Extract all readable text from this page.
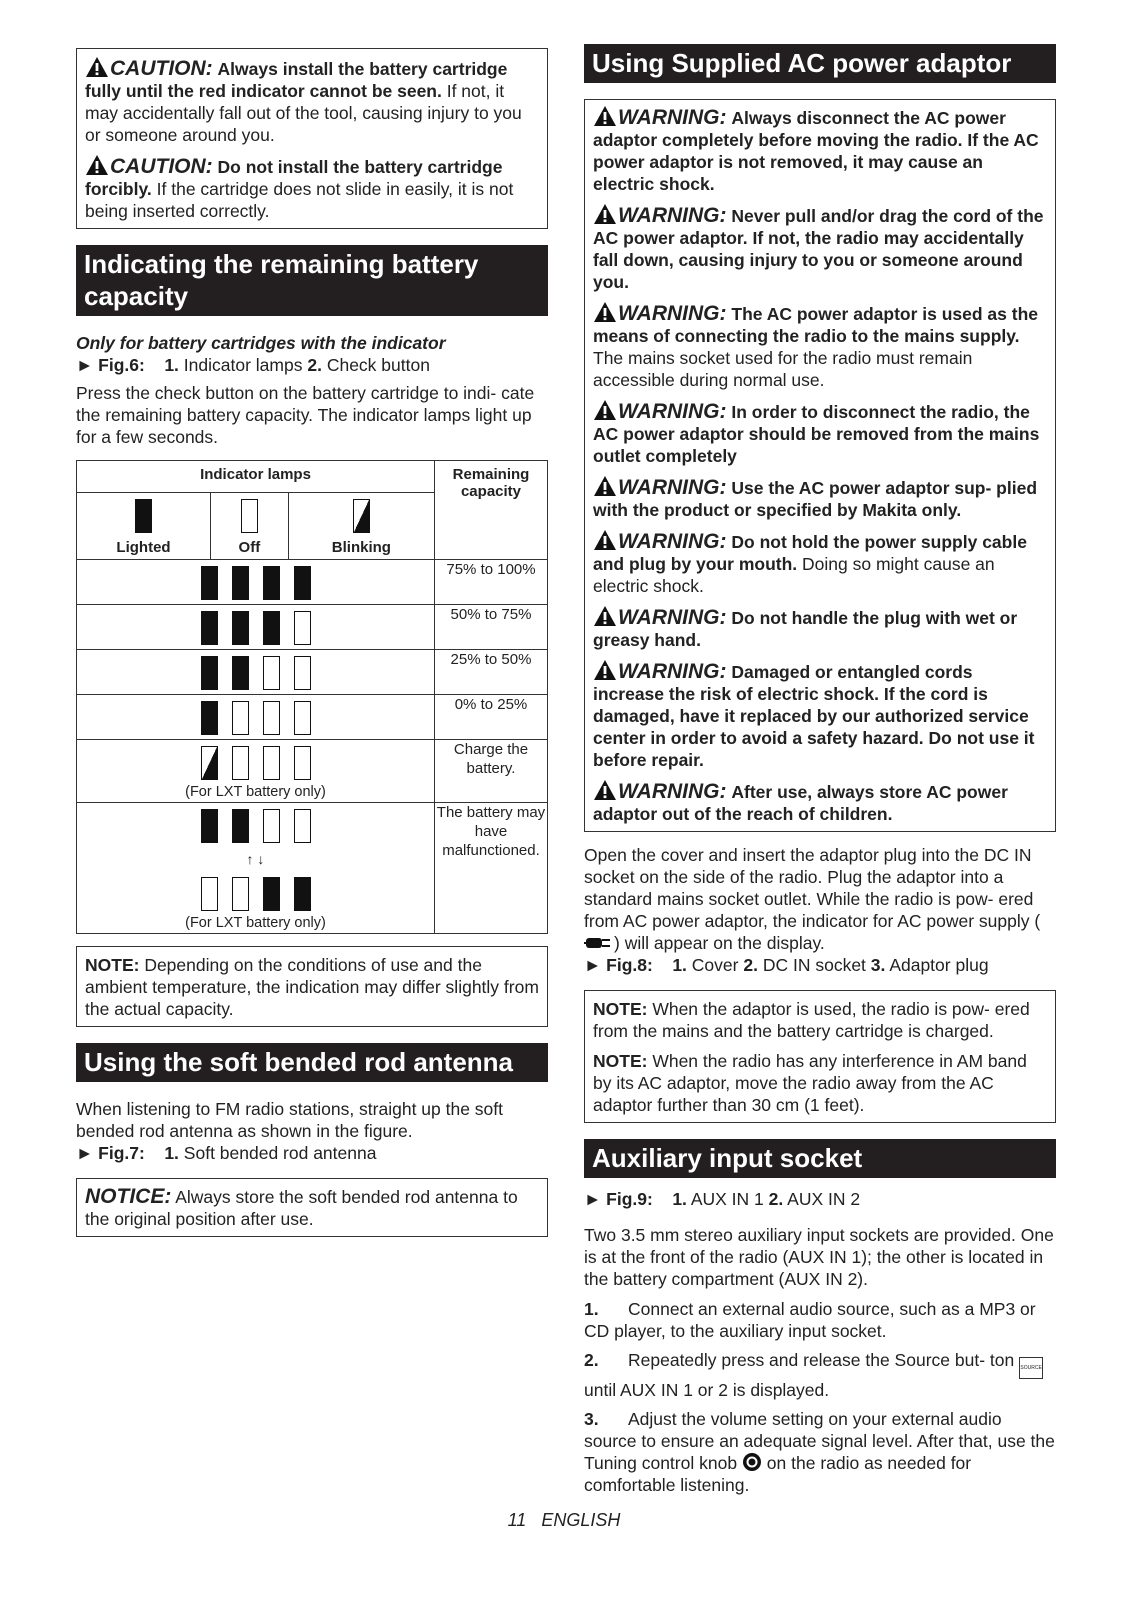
CAUTION: Always install the battery cartridge fully until the red indicator cannot be seen. If not, it may accidentally fall out of the tool, causing injury to you or someone around you.

CAUTION: Do not install the battery cartridge forcibly. If the cartridge does not slide in easily, it is not being inserted correctly.

Indicating the remaining battery capacity

Only for battery cartridges with the indicator

► Fig.6: 1. Indicator lamps 2. Check button

Press the check button on the battery cartridge to indi- cate the remaining battery capacity. The indicator lamps light up for a few seconds.

Indicator lamps			Remaining capacity

Lighted	Off	Blinking	

			75% to 100%

			50% to 75%

			25% to 50%

			0% to 25%

(For LXT battery only)			Charge the battery.

↑ ↓
(For LXT battery only)			The battery may have malfunctioned.

NOTE: Depending on the conditions of use and the ambient temperature, the indication may differ slightly from the actual capacity.

Using the soft bended rod antenna

When listening to FM radio stations, straight up the soft bended rod antenna as shown in the figure.

► Fig.7: 1. Soft bended rod antenna

NOTICE: Always store the soft bended rod antenna to the original position after use.

Using Supplied AC power adaptor

WARNING: Always disconnect the AC power adaptor completely before moving the radio. If the AC power adaptor is not removed, it may cause an electric shock.

WARNING: Never pull and/or drag the cord of the AC power adaptor. If not, the radio may accidentally fall down, causing injury to you or someone around you.

WARNING: The AC power adaptor is used as the means of connecting the radio to the mains supply. The mains socket used for the radio must remain accessible during normal use.

WARNING: In order to disconnect the radio, the AC power adaptor should be removed from the mains outlet completely

WARNING: Use the AC power adaptor sup- plied with the product or specified by Makita only.

WARNING: Do not hold the power supply cable and plug by your mouth. Doing so might cause an electric shock.

WARNING: Do not handle the plug with wet or greasy hand.

WARNING: Damaged or entangled cords increase the risk of electric shock. If the cord is damaged, have it replaced by our authorized service center in order to avoid a safety hazard. Do not use it before repair.

WARNING: After use, always store AC power adaptor out of the reach of children.

Open the cover and insert the adaptor plug into the DC IN socket on the side of the radio. Plug the adaptor into a standard mains socket outlet. While the radio is pow- ered from AC power adaptor, the indicator for AC power supply () will appear on the display.

► Fig.8: 1. Cover 2. DC IN socket 3. Adaptor plug

NOTE: When the adaptor is used, the radio is pow- ered from the mains and the battery cartridge is charged.

NOTE: When the radio has any interference in AM band by its AC adaptor, move the radio away from the AC adaptor further than 30 cm (1 feet).

Auxiliary input socket

► Fig.9: 1. AUX IN 1 2. AUX IN 2

Two 3.5 mm stereo auxiliary input sockets are provided. One is at the front of the radio (AUX IN 1); the other is located in the battery compartment (AUX IN 2).

1. Connect an external audio source, such as a MP3 or CD player, to the auxiliary input socket.
2. Repeatedly press and release the Source but- ton SOURCE until AUX IN 1 or 2 is displayed.
3. Adjust the volume setting on your external audio source to ensure an adequate signal level. After that, use the Tuning control knob  on the radio as needed for comfortable listening.
11 ENGLISH
